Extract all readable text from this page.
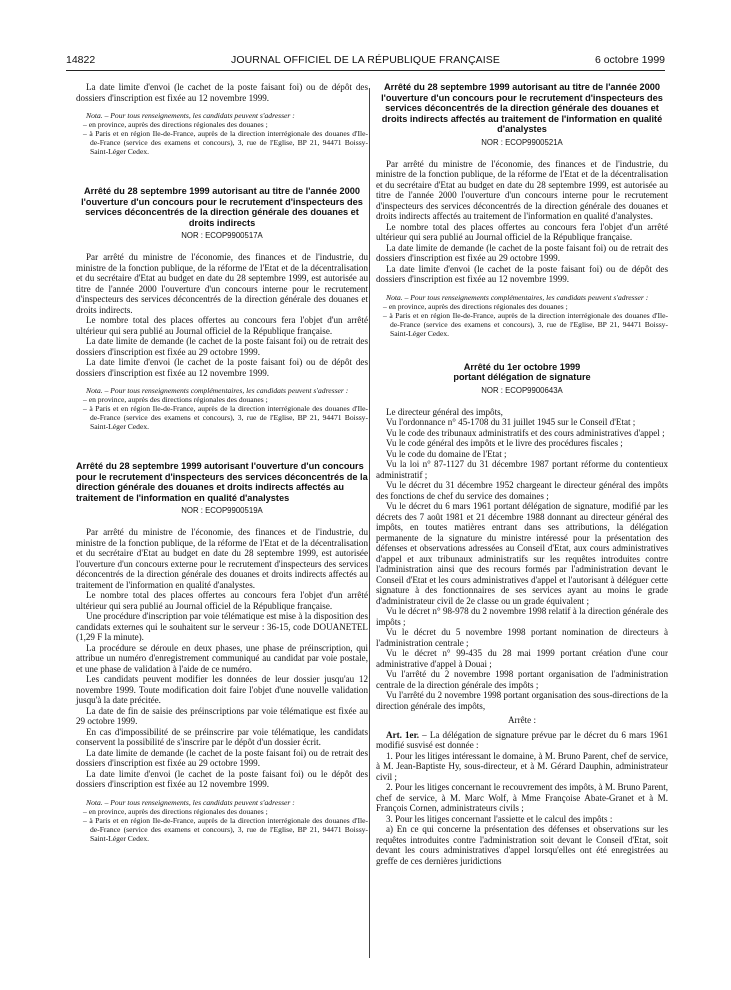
14822	JOURNAL OFFICIEL DE LA RÉPUBLIQUE FRANÇAISE	6 octobre 1999

La date limite d'envoi (le cachet de la poste faisant foi) ou de dépôt des dossiers d'inscription est fixée au 12 novembre 1999.

Nota. – Pour tous renseignements, les candidats peuvent s'adresser :

– en province, auprès des directions régionales des douanes ;

– à Paris et en région Ile-de-France, auprès de la direction interrégionale des douanes d'Ile-de-France (service des examens et concours), 3, rue de l'Eglise, BP 21, 94471 Boissy-Saint-Léger Cedex.

Arrêté du 28 septembre 1999 autorisant au titre de l'année 2000 l'ouverture d'un concours pour le recrutement d'inspecteurs des services déconcentrés de la direction générale des douanes et droits indirects
NOR : ECOP9900517A

Par arrêté du ministre de l'économie, des finances et de l'industrie, du ministre de la fonction publique, de la réforme de l'Etat et de la décentralisation et du secrétaire d'Etat au budget en date du 28 septembre 1999, est autorisée au titre de l'année 2000 l'ouverture d'un concours interne pour le recrutement d'inspecteurs des services déconcentrés de la direction générale des douanes et droits indirects.

Le nombre total des places offertes au concours fera l'objet d'un arrêté ultérieur qui sera publié au Journal officiel de la République française.

La date limite de demande (le cachet de la poste faisant foi) ou de retrait des dossiers d'inscription est fixée au 29 octobre 1999.

La date limite d'envoi (le cachet de la poste faisant foi) ou de dépôt des dossiers d'inscription est fixée au 12 novembre 1999.

Nota. – Pour tous renseignements complémentaires, les candidats peuvent s'adresser :

– en province, auprès des directions régionales des douanes ;

– à Paris et en région Ile-de-France, auprès de la direction interrégionale des douanes d'Ile-de-France (service des examens et concours), 3, rue de l'Eglise, BP 21, 94471 Boissy-Saint-Léger Cedex.

Arrêté du 28 septembre 1999 autorisant l'ouverture d'un concours pour le recrutement d'inspecteurs des services déconcentrés de la direction générale des douanes et droits indirects affectés au traitement de l'information en qualité d'analystes
NOR : ECOP9900519A

Par arrêté du ministre de l'économie, des finances et de l'industrie, du ministre de la fonction publique, de la réforme de l'Etat et de la décentralisation et du secrétaire d'Etat au budget en date du 28 septembre 1999, est autorisée l'ouverture d'un concours externe pour le recrutement d'inspecteurs des services déconcentrés de la direction générale des douanes et droits indirects affectés au traitement de l'information en qualité d'analystes.

Le nombre total des places offertes au concours fera l'objet d'un arrêté ultérieur qui sera publié au Journal officiel de la République française.

Une procédure d'inscription par voie télématique est mise à la disposition des candidats externes qui le souhaitent sur le serveur : 36-15, code DOUANETEL (1,29 F la minute).

La procédure se déroule en deux phases, une phase de préinscription, qui attribue un numéro d'enregistrement communiqué au candidat par voie postale, et une phase de validation à l'aide de ce numéro.

Les candidats peuvent modifier les données de leur dossier jusqu'au 12 novembre 1999. Toute modification doit faire l'objet d'une nouvelle validation jusqu'à la date précitée.

La date de fin de saisie des préinscriptions par voie télématique est fixée au 29 octobre 1999.

En cas d'impossibilité de se préinscrire par voie télématique, les candidats conservent la possibilité de s'inscrire par le dépôt d'un dossier écrit.

La date limite de demande (le cachet de la poste faisant foi) ou de retrait des dossiers d'inscription est fixée au 29 octobre 1999.

La date limite d'envoi (le cachet de la poste faisant foi) ou le dépôt des dossiers d'inscription est fixée au 12 novembre 1999.

Nota. – Pour tous renseignements, les candidats peuvent s'adresser :

– en province, auprès des directions régionales des douanes ;

– à Paris et en région Ile-de-France, auprès de la direction interrégionale des douanes d'Ile-de-France (service des examens et concours), 3, rue de l'Eglise, BP 21, 94471 Boissy-Saint-Léger Cedex.

Arrêté du 28 septembre 1999 autorisant au titre de l'année 2000 l'ouverture d'un concours pour le recrutement d'inspecteurs des services déconcentrés de la direction générale des douanes et droits indirects affectés au traitement de l'information en qualité d'analystes
NOR : ECOP9900521A

Par arrêté du ministre de l'économie, des finances et de l'industrie, du ministre de la fonction publique, de la réforme de l'Etat et de la décentralisation et du secrétaire d'Etat au budget en date du 28 septembre 1999, est autorisée au titre de l'année 2000 l'ouverture d'un concours interne pour le recrutement d'inspecteurs des services déconcentrés de la direction générale des douanes et droits indirects affectés au traitement de l'information en qualité d'analystes.

Le nombre total des places offertes au concours fera l'objet d'un arrêté ultérieur qui sera publié au Journal officiel de la République française.

La date limite de demande (le cachet de la poste faisant foi) ou de retrait des dossiers d'inscription est fixée au 29 octobre 1999.

La date limite d'envoi (le cachet de la poste faisant foi) ou de dépôt des dossiers d'inscription est fixée au 12 novembre 1999.

Nota. – Pour tous renseignements complémentaires, les candidats peuvent s'adresser :

– en province, auprès des directions régionales des douanes ;

– à Paris et en région Ile-de-France, auprès de la direction interrégionale des douanes d'Ile-de-France (service des examens et concours), 3, rue de l'Eglise, BP 21, 94471 Boissy-Saint-Léger Cedex.

Arrêté du 1er octobre 1999
portant délégation de signature
NOR : ECOP9900643A

Le directeur général des impôts,

Vu l'ordonnance n° 45-1708 du 31 juillet 1945 sur le Conseil d'Etat ;

Vu le code des tribunaux administratifs et des cours administratives d'appel ;

Vu le code général des impôts et le livre des procédures fiscales ;

Vu le code du domaine de l'Etat ;

Vu la loi n° 87-1127 du 31 décembre 1987 portant réforme du contentieux administratif ;

Vu le décret du 31 décembre 1952 chargeant le directeur général des impôts des fonctions de chef du service des domaines ;

Vu le décret du 6 mars 1961 portant délégation de signature, modifié par les décrets des 7 août 1981 et 21 décembre 1988 donnant au directeur général des impôts, en toutes matières entrant dans ses attributions, la délégation permanente de la signature du ministre intéressé pour la présentation des défenses et observations adressées au Conseil d'Etat, aux cours administratives d'appel et aux tribunaux administratifs sur les requêtes introduites contre l'administration ainsi que des recours formés par l'administration devant le Conseil d'Etat et les cours administratives d'appel et l'autorisant à déléguer cette signature à des fonctionnaires de ses services ayant au moins le grade d'administrateur civil de 2e classe ou un grade équivalent ;

Vu le décret n° 98-978 du 2 novembre 1998 relatif à la direction générale des impôts ;

Vu le décret du 5 novembre 1998 portant nomination de directeurs à l'administration centrale ;

Vu le décret n° 99-435 du 28 mai 1999 portant création d'une cour administrative d'appel à Douai ;

Vu l'arrêté du 2 novembre 1998 portant organisation de l'administration centrale de la direction générale des impôts ;

Vu l'arrêté du 2 novembre 1998 portant organisation des sous-directions de la direction générale des impôts,

Arrête :

Art. 1er. – La délégation de signature prévue par le décret du 6 mars 1961 modifié susvisé est donnée :

1. Pour les litiges intéressant le domaine, à M. Bruno Parent, chef de service, à M. Jean-Baptiste Hy, sous-directeur, et à M. Gérard Dauphin, administrateur civil ;

2. Pour les litiges concernant le recouvrement des impôts, à M. Bruno Parent, chef de service, à M. Marc Wolf, à Mme Françoise Abate-Granet et à M. François Cornen, administrateurs civils ;

3. Pour les litiges concernant l'assiette et le calcul des impôts :

a) En ce qui concerne la présentation des défenses et observations sur les requêtes introduites contre l'administration soit devant le Conseil d'Etat, soit devant les cours administratives d'appel lorsqu'elles ont été enregistrées au greffe de ces dernières juridictions
